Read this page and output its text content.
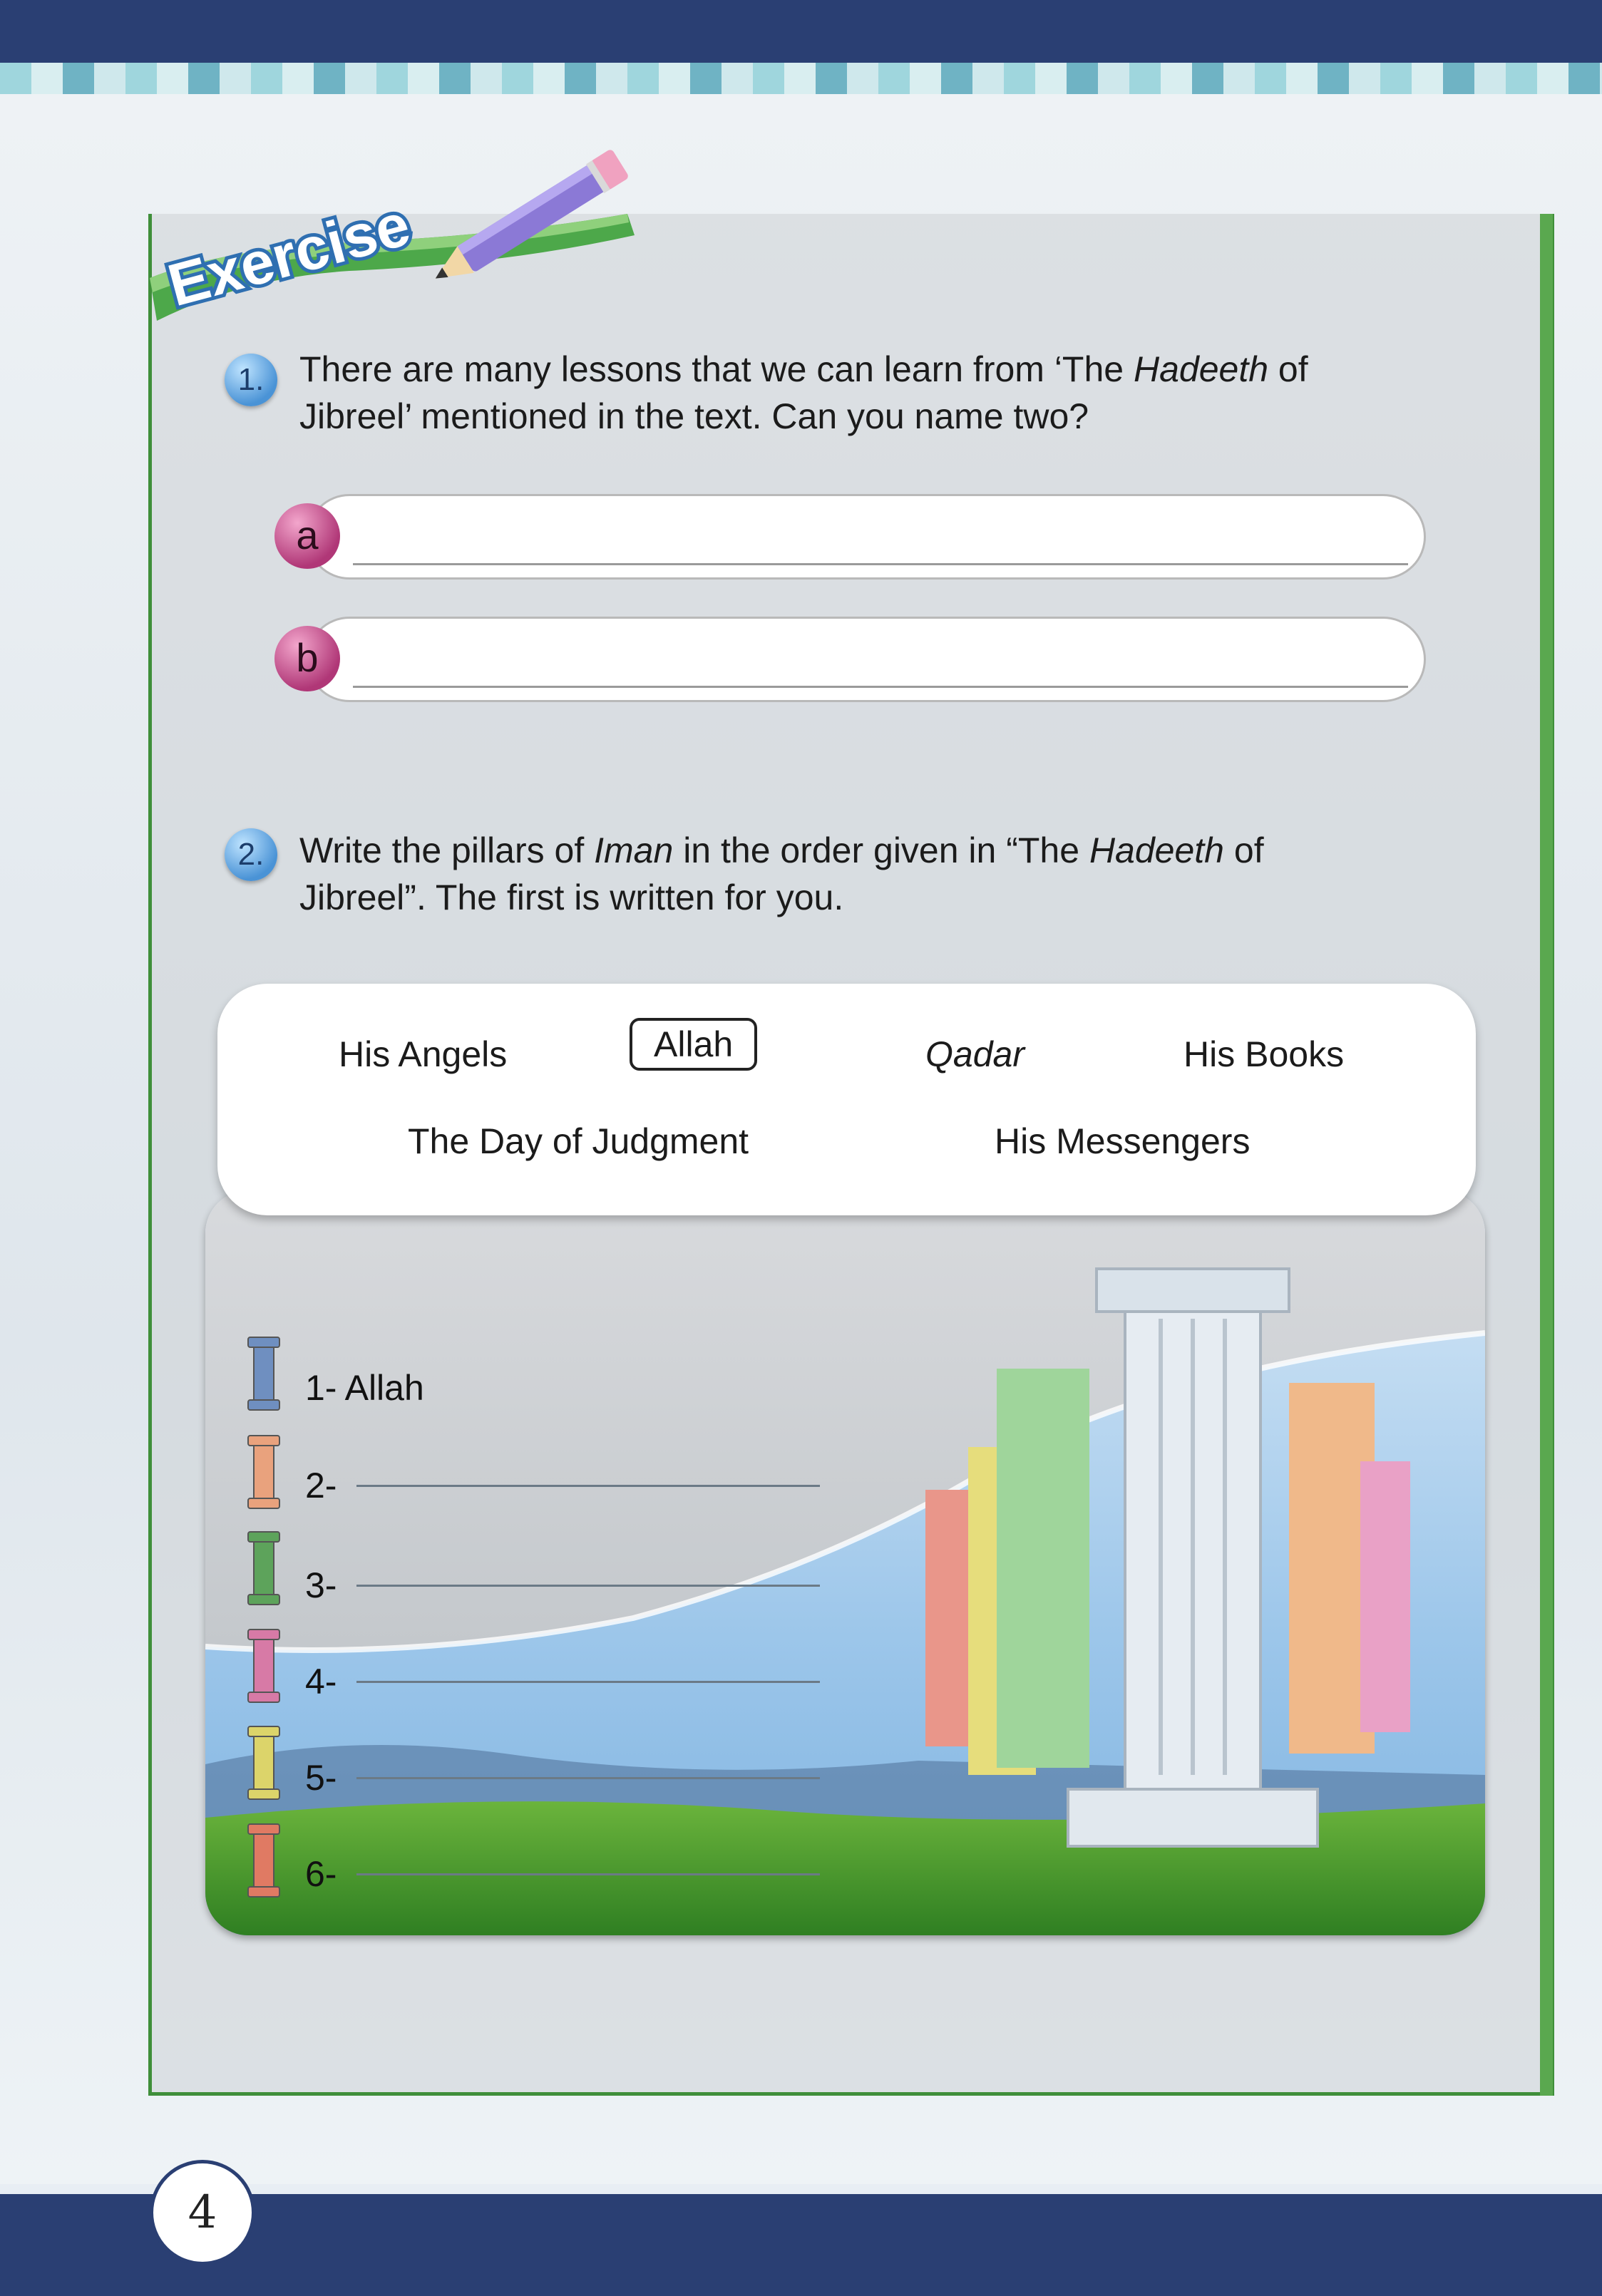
Exercise
1. There are many lessons that we can learn from ‘The Hadeeth of
Jibreel’ mentioned in the text. Can you name two?
a
b
2. Write the pillars of Iman in the order given in “The Hadeeth of
Jibreel”. The first is written for you.
His Angels	Allah	Qadar	His Books
The Day of Judgment	His Messengers
1- Allah
2-
3-
4-
5-
6-
4
